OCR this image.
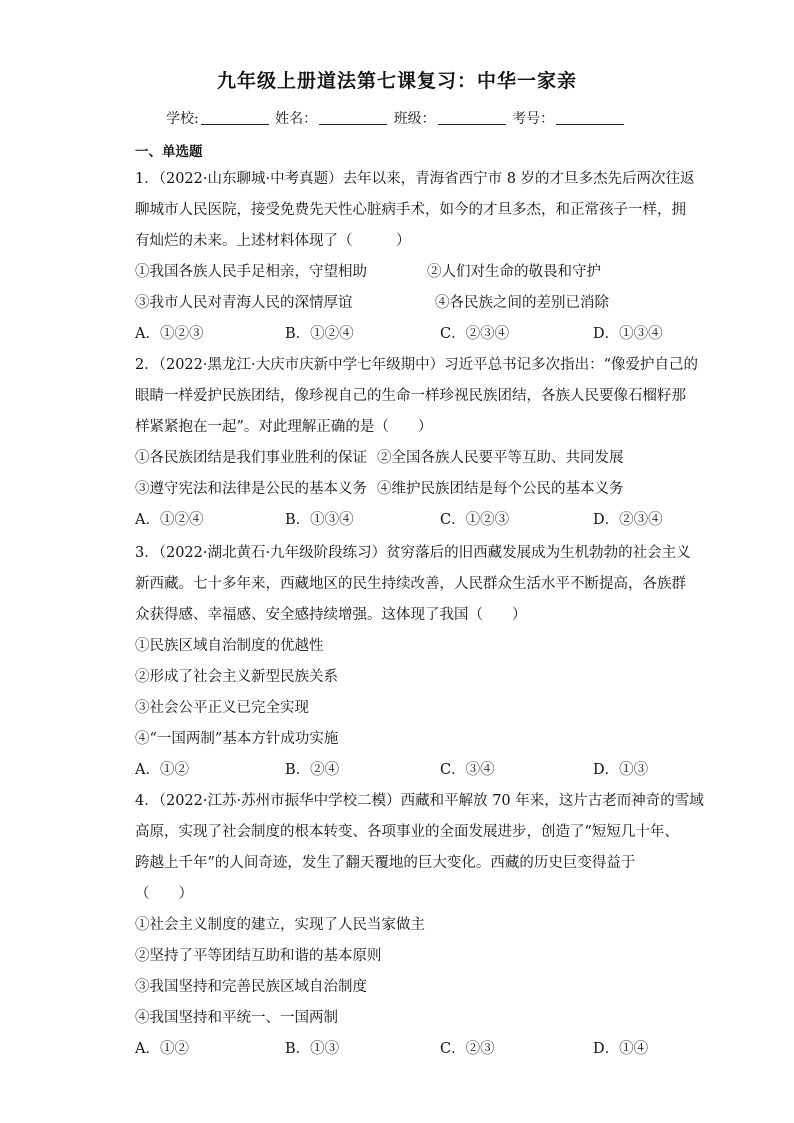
九年级上册道法第七课复习：中华一家亲
学校:	姓名：	班级：	考号：
一、单选题
1．（2022·山东聊城·中考真题）去年以来，青海省西宁市 8 岁的才旦多杰先后两次往返
聊城市人民医院，接受免费先天性心脏病手术，如今的才旦多杰，和正常孩子一样，拥
有灿烂的未来。上述材料体现了（　　　）
①我国各族人民手足相亲，守望相助	②人们对生命的敬畏和守护
③我市人民对青海人民的深情厚谊	④各民族之间的差别已消除
A．①②③	B．①②④	C．②③④	D．①③④
2．（2022·黑龙江·大庆市庆新中学七年级期中）习近平总书记多次指出：“像爱护自己的
眼睛一样爱护民族团结，像珍视自己的生命一样珍视民族团结，各族人民要像石榴籽那
样紧紧抱在一起”。对此理解正确的是（　　）
①各民族团结是我们事业胜利的保证 ②全国各族人民要平等互助、共同发展
③遵守宪法和法律是公民的基本义务 ④维护民族团结是每个公民的基本义务
A．①②④	B．①③④	C．①②③	D．②③④
3．（2022·湖北黄石·九年级阶段练习）贫穷落后的旧西藏发展成为生机勃勃的社会主义
新西藏。七十多年来，西藏地区的民生持续改善，人民群众生活水平不断提高，各族群
众获得感、幸福感、安全感持续增强。这体现了我国（　　）
①民族区域自治制度的优越性
②形成了社会主义新型民族关系
③社会公平正义已完全实现
④“一国两制”基本方针成功实施
A．①②	B．②④	C．③④	D．①③
4．（2022·江苏·苏州市振华中学校二模）西藏和平解放 70 年来，这片古老而神奇的雪域
高原，实现了社会制度的根本转变、各项事业的全面发展进步，创造了“短短几十年、
跨越上千年”的人间奇迹，发生了翻天覆地的巨大变化。西藏的历史巨变得益于
（　　）
①社会主义制度的建立，实现了人民当家做主
②坚持了平等团结互助和谐的基本原则
③我国坚持和完善民族区域自治制度
④我国坚持和平统一、一国两制
A．①②	B．①③	C．②③	D．①④
